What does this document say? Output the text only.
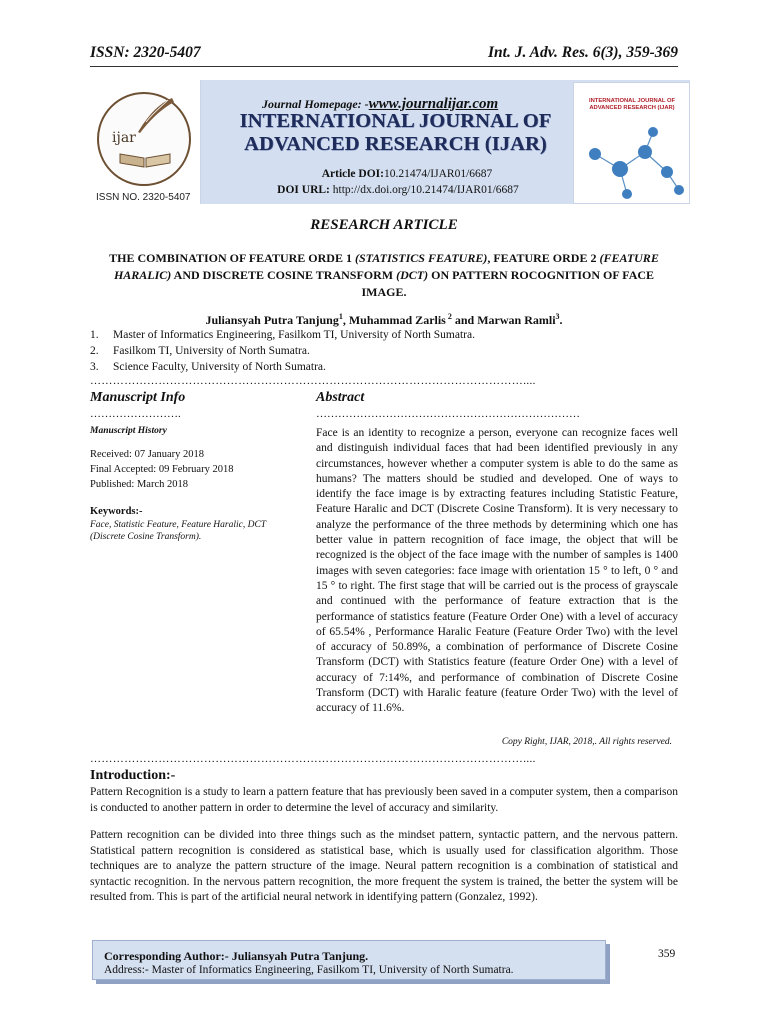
ISSN: 2320-5407	Int. J. Adv. Res. 6(3), 359-369
ijar
ISSN NO. 2320-5407
INTERNATIONAL JOURNAL OF ADVANCED RESEARCH (IJAR)
Journal Homepage: -www.journalijar.com
INTERNATIONAL JOURNAL OF ADVANCED RESEARCH (IJAR)
Article DOI:10.21474/IJAR01/6687
DOI URL: http://dx.doi.org/10.21474/IJAR01/6687
RESEARCH ARTICLE
THE COMBINATION OF FEATURE ORDE 1 (STATISTICS FEATURE), FEATURE ORDE 2 (FEATURE HARALIC) AND DISCRETE COSINE TRANSFORM (DCT) ON PATTERN ROCOGNITION OF FACE IMAGE.
Juliansyah Putra Tanjung$^1$, Muhammad Zarlis $^2$ and Marwan Ramli$^3$.
1. Master of Informatics Engineering, Fasilkom TI, University of North Sumatra.
2. Fasilkom TI, University of North Sumatra.
3. Science Faculty, University of North Sumatra.
……………………………………………………………………………………………………....
Manuscript Info	Abstract
…………………….	………………………………………………………………
Manuscript History
Received: 07 January 2018
Final Accepted: 09 February 2018
Published: March 2018
Keywords:-
Face, Statistic Feature, Feature Haralic, DCT (Discrete Cosine Transform).
Face is an identity to recognize a person, everyone can recognize faces well and distinguish individual faces that had been identified previously in any circumstances, however whether a computer system is able to do the same as humans? The matters should be studied and developed. One of ways to identify the face image is by extracting features including Statistic Feature, Feature Haralic and DCT (Discrete Cosine Transform). It is very necessary to analyze the performance of the three methods by determining which one has better value in pattern recognition of face image, the object that will be recognized is the object of the face image with the number of samples is 1400 images with seven categories: face image with orientation 15 ° to left, 0 ° and 15 ° to right. The first stage that will be carried out is the process of grayscale and continued with the performance of feature extraction that is the performance of statistics feature (Feature Order One) with a level of accuracy of 65.54% , Performance Haralic Feature (Feature Order Two) with the level of accuracy of 50.89%, a combination of performance of Discrete Cosine Transform (DCT) with Statistics feature (feature Order One) with a level of accuracy of 7:14%, and performance of combination of Discrete Cosine Transform (DCT) with Haralic feature (feature Order Two) with the level of accuracy of 11.6%.
Copy Right, IJAR, 2018,. All rights reserved.
……………………………………………………………………………………………………....
Introduction:-
Pattern Recognition is a study to learn a pattern feature that has previously been saved in a computer system, then a comparison is conducted to another pattern in order to determine the level of accuracy and similarity.
Pattern recognition can be divided into three things such as the mindset pattern, syntactic pattern, and the nervous pattern. Statistical pattern recognition is considered as statistical base, which is usually used for classification algorithm. Those techniques are to analyze the pattern structure of the image. Neural pattern recognition is a combination of statistical and syntactic recognition. In the nervous pattern recognition, the more frequent the system is trained, the better the system will be resulted from. This is part of the artificial neural network in identifying pattern (Gonzalez, 1992).
Corresponding Author:- Juliansyah Putra Tanjung.
Address:- Master of Informatics Engineering, Fasilkom TI, University of North Sumatra.
359
